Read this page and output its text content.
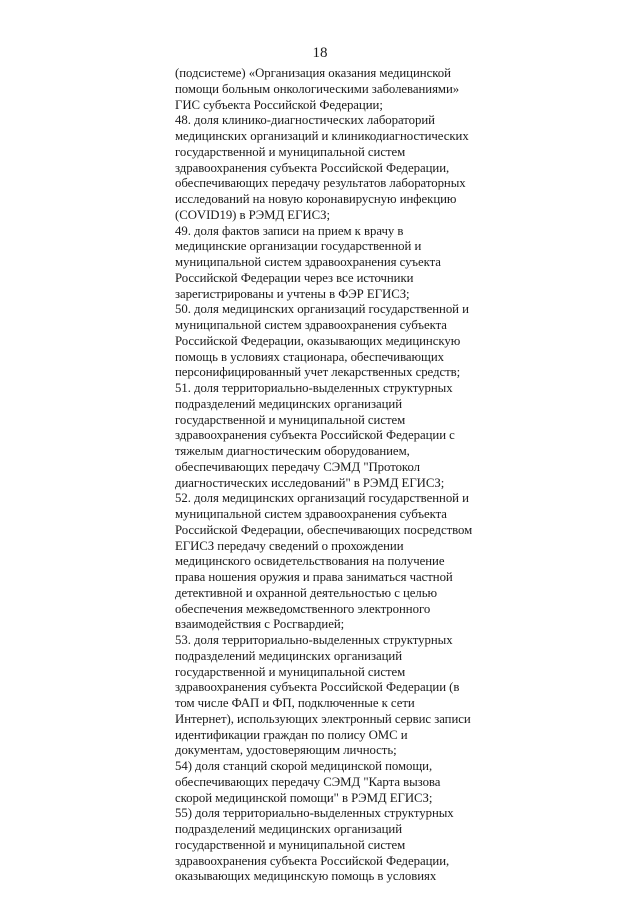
18
(подсистеме) «Организация оказания медицинской
помощи больным онкологическими заболеваниями»
ГИС субъекта Российской Федерации;
48. доля клинико-диагностических лабораторий
медицинских организаций и клиникодиагностических
государственной и муниципальной систем
здравоохранения субъекта Российской Федерации,
обеспечивающих передачу результатов лабораторных
исследований на новую коронавирусную инфекцию
(COVID19) в РЭМД ЕГИСЗ;
49. доля фактов записи на прием к врачу в
медицинские организации государственной и
муниципальной систем здравоохранения суъекта
Российской Федерации через все источники
зарегистрированы и учтены в ФЭР ЕГИСЗ;
50. доля медицинских организаций государственной и
муниципальной систем здравоохранения субъекта
Российской Федерации, оказывающих медицинскую
помощь в условиях стационара, обеспечивающих
персонифицированный учет лекарственных средств;
51. доля территориально-выделенных структурных
подразделений медицинских организаций
государственной и муниципальной систем
здравоохранения субъекта Российской Федерации с
тяжелым диагностическим оборудованием,
обеспечивающих передачу СЭМД "Протокол
диагностических исследований" в РЭМД ЕГИСЗ;
52. доля медицинских организаций государственной и
муниципальной систем здравоохранения субъекта
Российской Федерации, обеспечивающих посредством
ЕГИСЗ передачу сведений о прохождении
медицинского освидетельствования на получение
права ношения оружия и права заниматься частной
детективной и охранной деятельностью с целью
обеспечения межведомственного электронного
взаимодействия с Росгвардией;
53. доля территориально-выделенных структурных
подразделений медицинских организаций
государственной и муниципальной систем
здравоохранения субъекта Российской Федерации (в
том числе ФАП и ФП, подключенные к сети
Интернет), использующих электронный сервис записи
идентификации граждан по полису ОМС и
документам, удостоверяющим личность;
54) доля станций скорой медицинской помощи,
обеспечивающих передачу СЭМД "Карта вызова
скорой медицинской помощи" в РЭМД ЕГИСЗ;
55) доля территориально-выделенных структурных
подразделений медицинских организаций
государственной и муниципальной систем
здравоохранения субъекта Российской Федерации,
оказывающих медицинскую помощь в условиях
